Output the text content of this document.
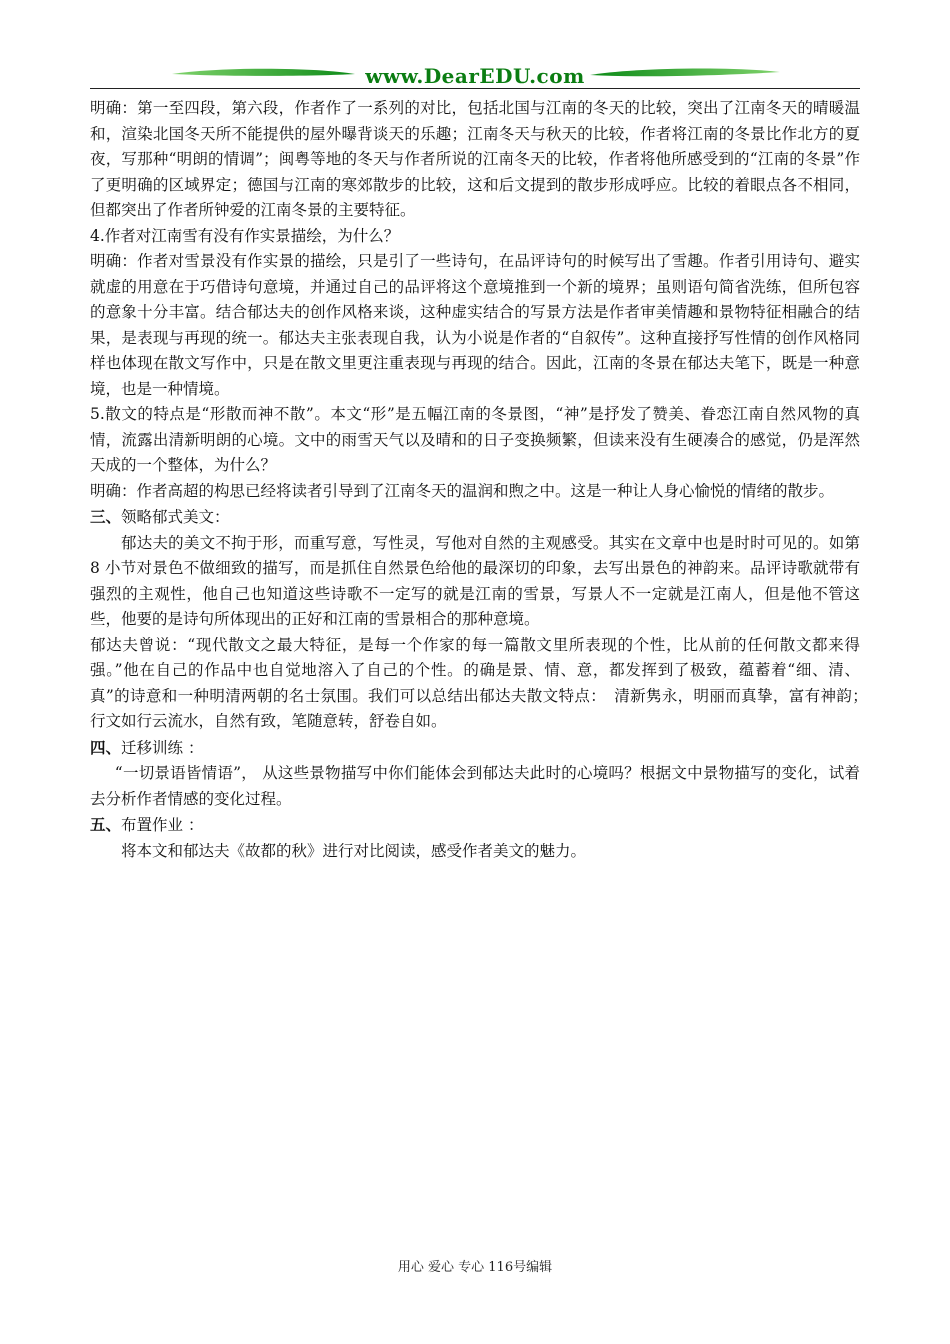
www.DearEDU.com

明确：第一至四段，第六段，作者作了一系列的对比，包括北国与江南的冬天的比较，突出了江南冬天的晴暖温和，渲染北国冬天所不能提供的屋外曝背谈天的乐趣；江南冬天与秋天的比较，作者将江南的冬景比作北方的夏夜，写那种“明朗的情调”；闽粤等地的冬天与作者所说的江南冬天的比较，作者将他所感受到的“江南的冬景”作了更明确的区域界定；德国与江南的寒郊散步的比较，这和后文提到的散步形成呼应。比较的着眼点各不相同，但都突出了作者所钟爱的江南冬景的主要特征。

4.作者对江南雪有没有作实景描绘，为什么？

明确：作者对雪景没有作实景的描绘，只是引了一些诗句，在品评诗句的时候写出了雪趣。作者引用诗句、避实就虚的用意在于巧借诗句意境，并通过自己的品评将这个意境推到一个新的境界；虽则语句简省洗练，但所包容的意象十分丰富。结合郁达夫的创作风格来谈，这种虚实结合的写景方法是作者审美情趣和景物特征相融合的结果，是表现与再现的统一。郁达夫主张表现自我，认为小说是作者的“自叙传”。这种直接抒写性情的创作风格同样也体现在散文写作中，只是在散文里更注重表现与再现的结合。因此，江南的冬景在郁达夫笔下，既是一种意境，也是一种情境。

5.散文的特点是“形散而神不散”。本文“形”是五幅江南的冬景图，“神”是抒发了赞美、眷恋江南自然风物的真情，流露出清新明朗的心境。文中的雨雪天气以及晴和的日子变换频繁，但读来没有生硬凑合的感觉，仍是浑然天成的一个整体，为什么？

明确：作者高超的构思已经将读者引导到了江南冬天的温润和煦之中。这是一种让人身心愉悦的情绪的散步。

三、领略郁式美文：

郁达夫的美文不拘于形，而重写意，写性灵，写他对自然的主观感受。其实在文章中也是时时可见的。如第 8 小节对景色不做细致的描写，而是抓住自然景色给他的最深切的印象，去写出景色的神韵来。品评诗歌就带有强烈的主观性，他自己也知道这些诗歌不一定写的就是江南的雪景，写景人不一定就是江南人，但是他不管这些，他要的是诗句所体现出的正好和江南的雪景相合的那种意境。

郁达夫曾说：“现代散文之最大特征，是每一个作家的每一篇散文里所表现的个性，比从前的任何散文都来得强。”他在自己的作品中也自觉地溶入了自己的个性。的确是景、情、意，都发挥到了极致，蕴蓄着“细、清、真”的诗意和一种明清两朝的名士氛围。我们可以总结出郁达夫散文特点：　清新隽永，明丽而真挚，富有神韵；　 行文如行云流水，自然有致，笔随意转，舒卷自如。

四、迁移训练 ：

“一切景语皆情语”， 从这些景物描写中你们能体会到郁达夫此时的心境吗？根据文中景物描写的变化，试着去分析作者情感的变化过程。

五、布置作业 ：

将本文和郁达夫《故都的秋》进行对比阅读，感受作者美文的魅力。

用心 爱心 专心 116号编辑
